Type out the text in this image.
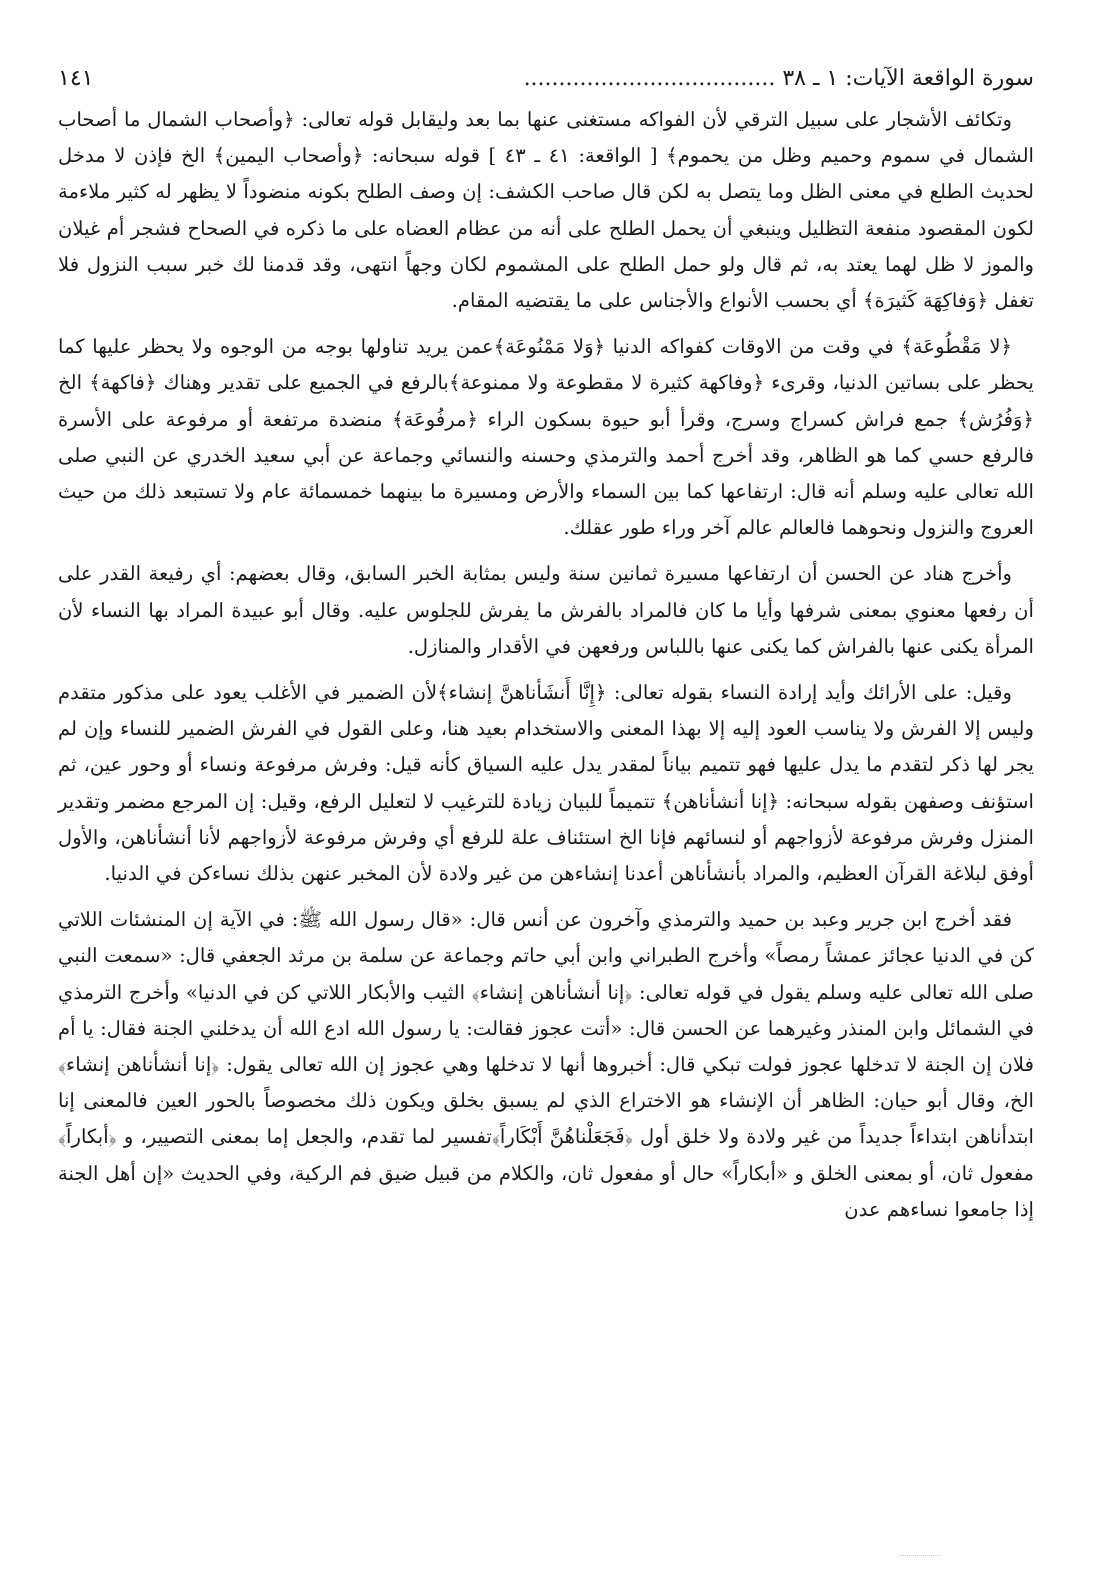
سورة الواقعة الآيات: ١ ـ ٣٨ ....................................
١٤١

وتكائف الأشجار على سبيل الترقي لأن الفواكه مستغنى عنها بما بعد وليقابل قوله تعالى: ﴿وأصحاب الشمال ما أصحاب الشمال في سموم وحميم وظل من يحموم﴾ [ الواقعة: ٤١ ـ ٤٣ ] قوله سبحانه: ﴿وأصحاب اليمين﴾ الخ فإذن لا مدخل لحديث الطلع في معنى الظل وما يتصل به لكن قال صاحب الكشف: إن وصف الطلح بكونه منضوداً لا يظهر له كثير ملاءمة لكون المقصود منفعة التظليل وينبغي أن يحمل الطلح على أنه من عظام العضاه على ما ذكره في الصحاح فشجر أم غيلان والموز لا ظل لهما يعتد به، ثم قال ولو حمل الطلح على المشموم لكان وجهاً انتهى، وقد قدمنا لك خبر سبب النزول فلا تغفل ﴿وَفاكِهَة كَثيرَة﴾ أي بحسب الأنواع والأجناس على ما يقتضيه المقام.

﴿لا مَقْطُوعَة﴾ في وقت من الاوقات كفواكه الدنيا ﴿وَلا مَمْنُوعَة﴾عمن يريد تناولها بوجه من الوجوه ولا يحظر عليها كما يحظر على بساتين الدنيا، وقرىء ﴿وفاكهة كثيرة لا مقطوعة ولا ممنوعة﴾بالرفع في الجميع على تقدير وهناك ﴿فاكهة﴾ الخ ﴿وَفُرُش﴾ جمع فراش كسراج وسرج، وقرأ أبو حيوة بسكون الراء ﴿مرفُوعَة﴾ منضدة مرتفعة أو مرفوعة على الأسرة فالرفع حسي كما هو الظاهر، وقد أخرج أحمد والترمذي وحسنه والنسائي وجماعة عن أبي سعيد الخدري عن النبي صلى الله تعالى عليه وسلم أنه قال: ارتفاعها كما بين السماء والأرض ومسيرة ما بينهما خمسمائة عام ولا تستبعد ذلك من حيث العروج والنزول ونحوهما فالعالم عالم آخر وراء طور عقلك.

وأخرج هناد عن الحسن أن ارتفاعها مسيرة ثمانين سنة وليس بمثابة الخبر السابق، وقال بعضهم: أي رفيعة القدر على أن رفعها معنوي بمعنى شرفها وأيا ما كان فالمراد بالفرش ما يفرش للجلوس عليه. وقال أبو عبيدة المراد بها النساء لأن المرأة يكنى عنها بالفراش كما يكنى عنها باللباس ورفعهن في الأقدار والمنازل.

وقيل: على الأرائك وأيد إرادة النساء بقوله تعالى: ﴿إِنَّا أَنشَأناهنَّ إنشاء﴾لأن الضمير في الأغلب يعود على مذكور متقدم وليس إلا الفرش ولا يناسب العود إليه إلا بهذا المعنى والاستخدام بعيد هنا، وعلى القول في الفرش الضمير للنساء وإن لم يجر لها ذكر لتقدم ما يدل عليها فهو تتميم بياناً لمقدر يدل عليه السياق كأنه قيل: وفرش مرفوعة ونساء أو وحور عين، ثم استؤنف وصفهن بقوله سبحانه: ﴿إنا أنشأناهن﴾ تتميماً للبيان زيادة للترغيب لا لتعليل الرفع، وقيل: إن المرجع مضمر وتقدير المنزل وفرش مرفوعة لأزواجهم أو لنسائهم فإنا الخ استئناف علة للرفع أي وفرش مرفوعة لأزواجهم لأنا أنشأناهن، والأول أوفق لبلاغة القرآن العظيم، والمراد بأنشأناهن أعدنا إنشاءهن من غير ولادة لأن المخبر عنهن بذلك نساءكن في الدنيا.

فقد أخرج ابن جرير وعبد بن حميد والترمذي وآخرون عن أنس قال: «قال رسول الله ﷺ: في الآية إن المنشئات اللاتي كن في الدنيا عجائز عمشاً رمصاً» وأخرج الطبراني وابن أبي حاتم وجماعة عن سلمة بن مرثد الجعفي قال: «سمعت النبي صلى الله تعالى عليه وسلم يقول في قوله تعالى: ﴿إنا أنشأناهن إنشاء﴾ الثيب والأبكار اللاتي كن في الدنيا» وأخرج الترمذي في الشمائل وابن المنذر وغيرهما عن الحسن قال: «أتت عجوز فقالت: يا رسول الله ادع الله أن يدخلني الجنة فقال: يا أم فلان إن الجنة لا تدخلها عجوز فولت تبكي قال: أخبروها أنها لا تدخلها وهي عجوز إن الله تعالى يقول: ﴿إنا أنشأناهن إنشاء﴾ الخ، وقال أبو حيان: الظاهر أن الإنشاء هو الاختراع الذي لم يسبق بخلق ويكون ذلك مخصوصاً بالحور العين فالمعنى إنا ابتدأناهن ابتداءاً جديداً من غير ولادة ولا خلق أول ﴿فَجَعَلْناهُنَّ أَبْكَاراً﴾تفسير لما تقدم، والجعل إما بمعنى التصيير، و ﴿أبكاراً﴾ مفعول ثان، أو بمعنى الخلق و «أبكاراً» حال أو مفعول ثان، والكلام من قبيل ضيق فم الركية، وفي الحديث «إن أهل الجنة إذا جامعوا نساءهم عدن
